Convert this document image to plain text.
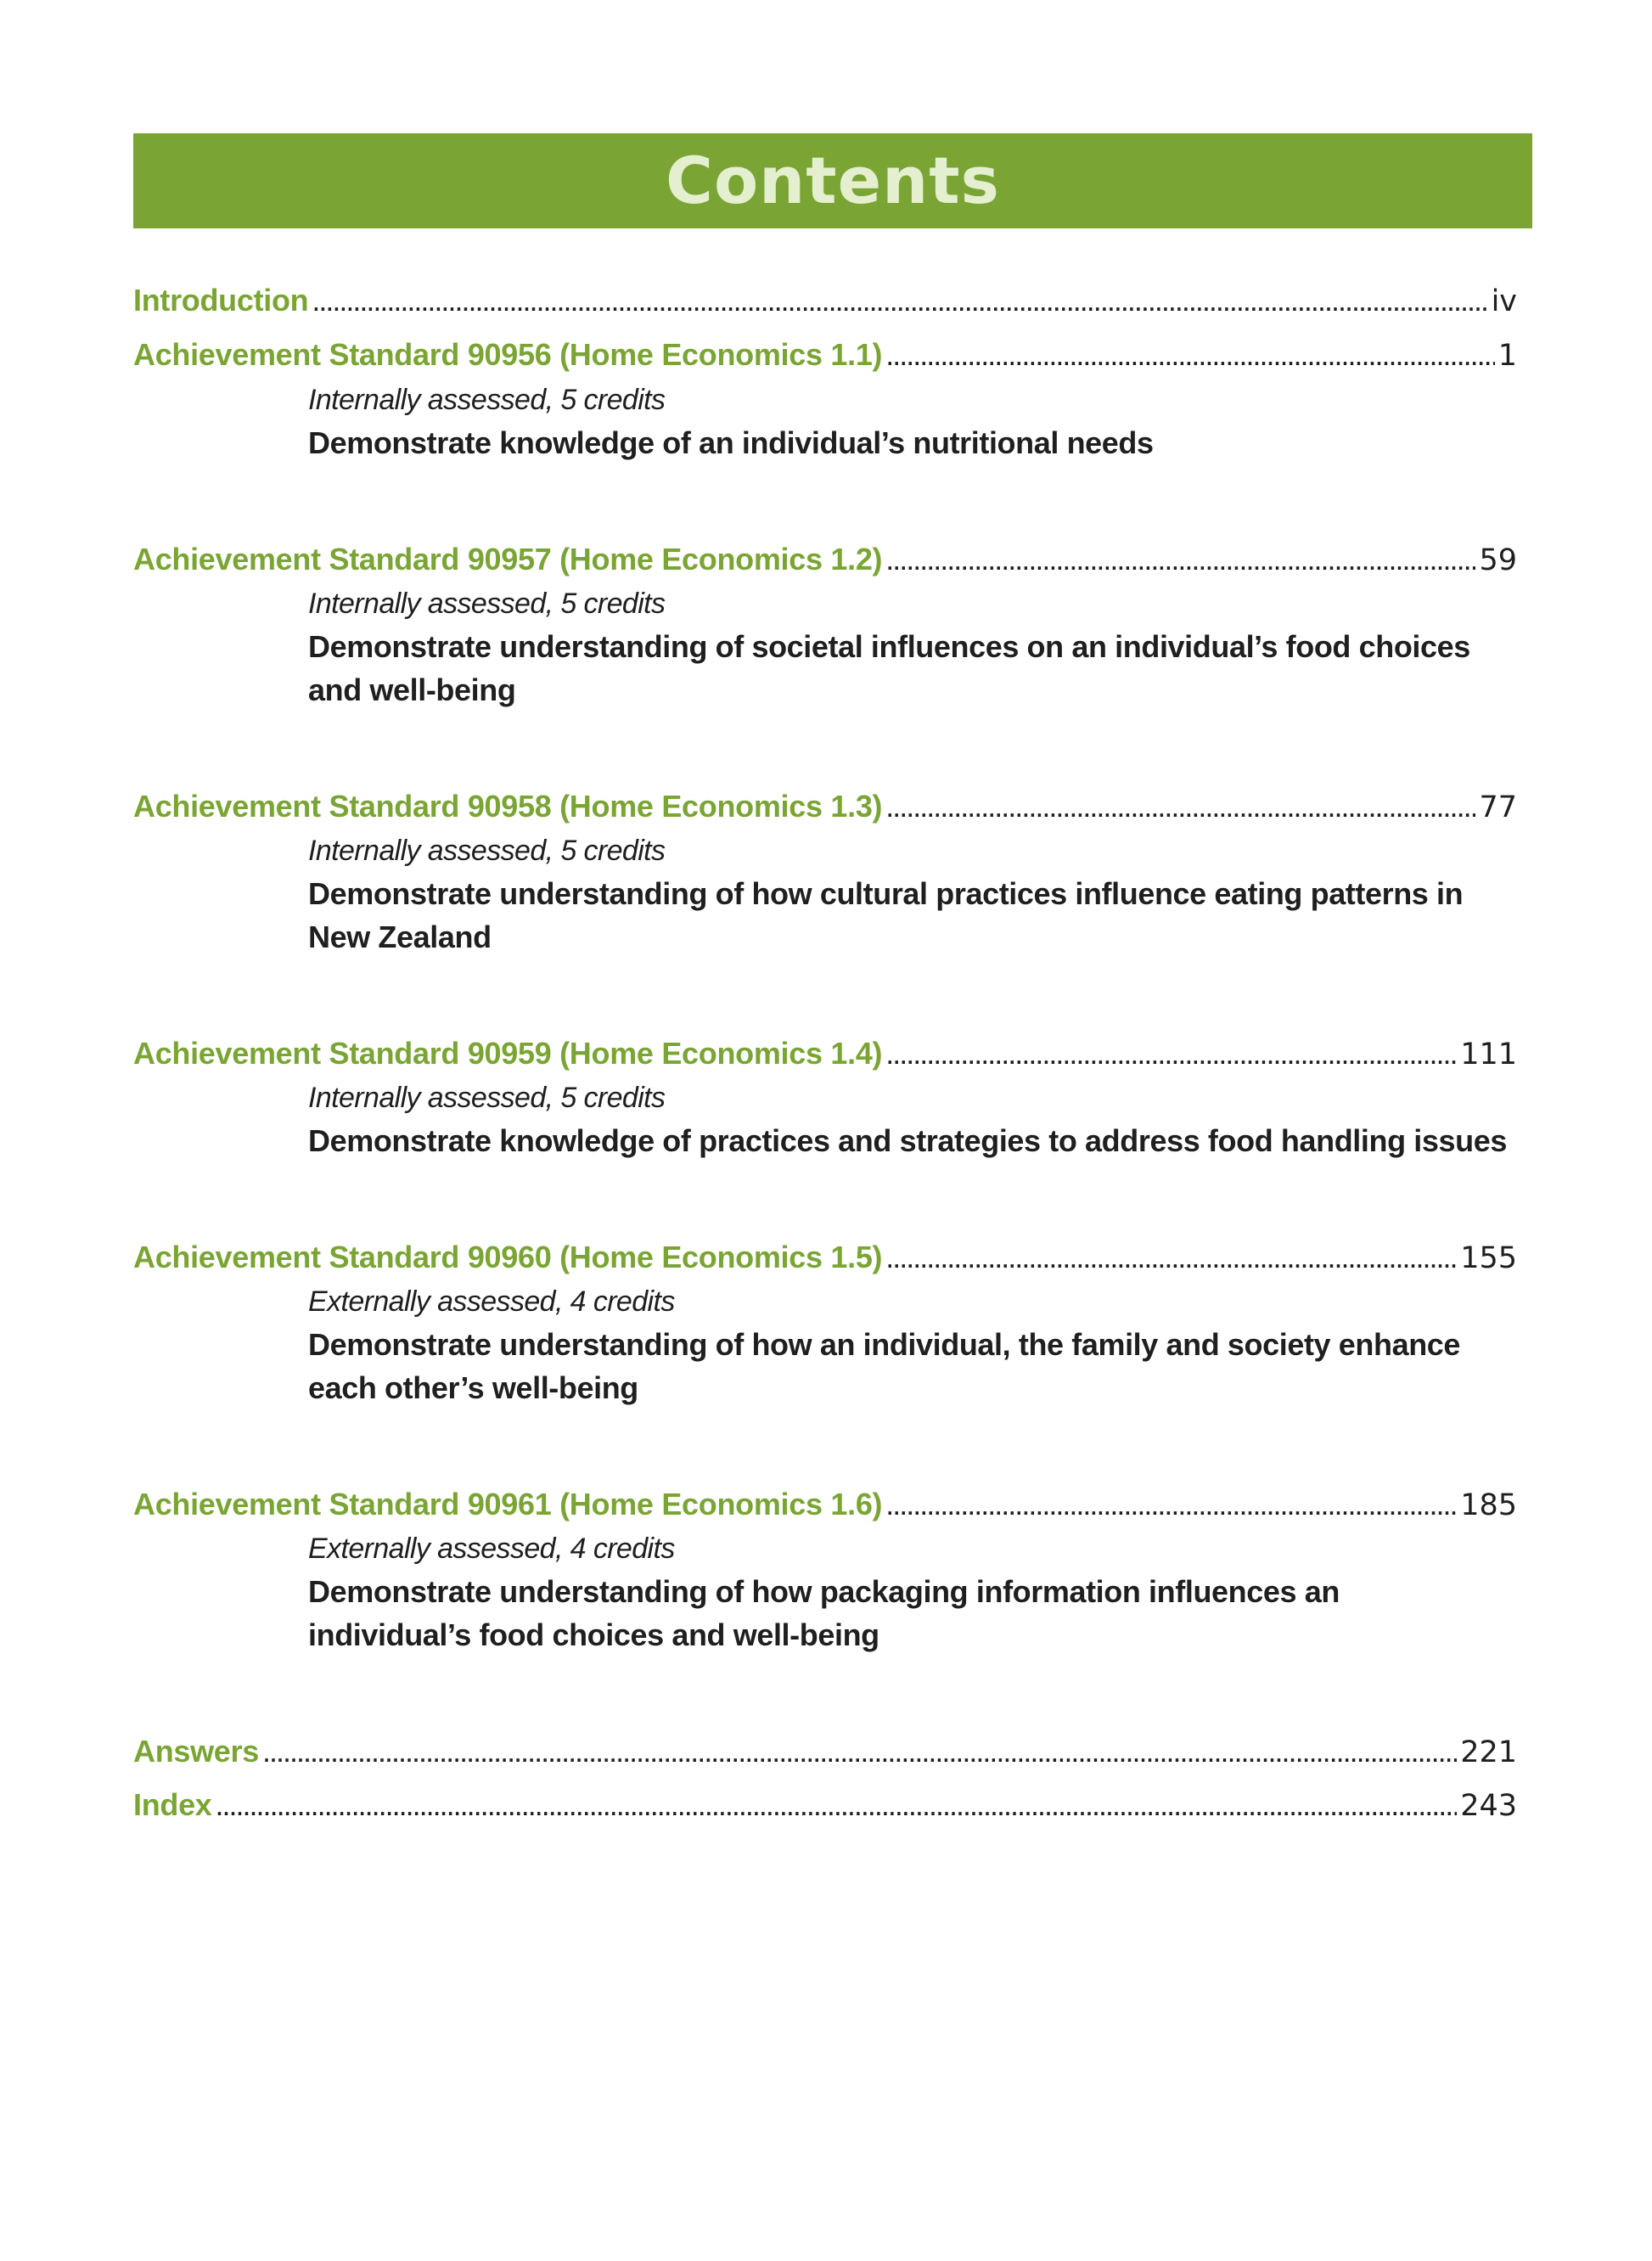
Contents
Introduction . . .	iv
Achievement Standard 90956 (Home Economics 1.1) . . .	1
Internally assessed, 5 credits
Demonstrate knowledge of an individual’s nutritional needs
Achievement Standard 90957 (Home Economics 1.2) . . .	59
Internally assessed, 5 credits
Demonstrate understanding of societal influences on an individual’s food choices
and well-being
Achievement Standard 90958 (Home Economics 1.3) . . .	77
Internally assessed, 5 credits
Demonstrate understanding of how cultural practices influence eating patterns in
New Zealand
Achievement Standard 90959 (Home Economics 1.4) . . .	111
Internally assessed, 5 credits
Demonstrate knowledge of practices and strategies to address food handling issues
Achievement Standard 90960 (Home Economics 1.5) . . .	155
Externally assessed, 4 credits
Demonstrate understanding of how an individual, the family and society enhance
each other’s well-being
Achievement Standard 90961 (Home Economics 1.6) . . .	185
Externally assessed, 4 credits
Demonstrate understanding of how packaging information influences an
individual’s food choices and well-being
Answers . . .	221
Index . . .	243
